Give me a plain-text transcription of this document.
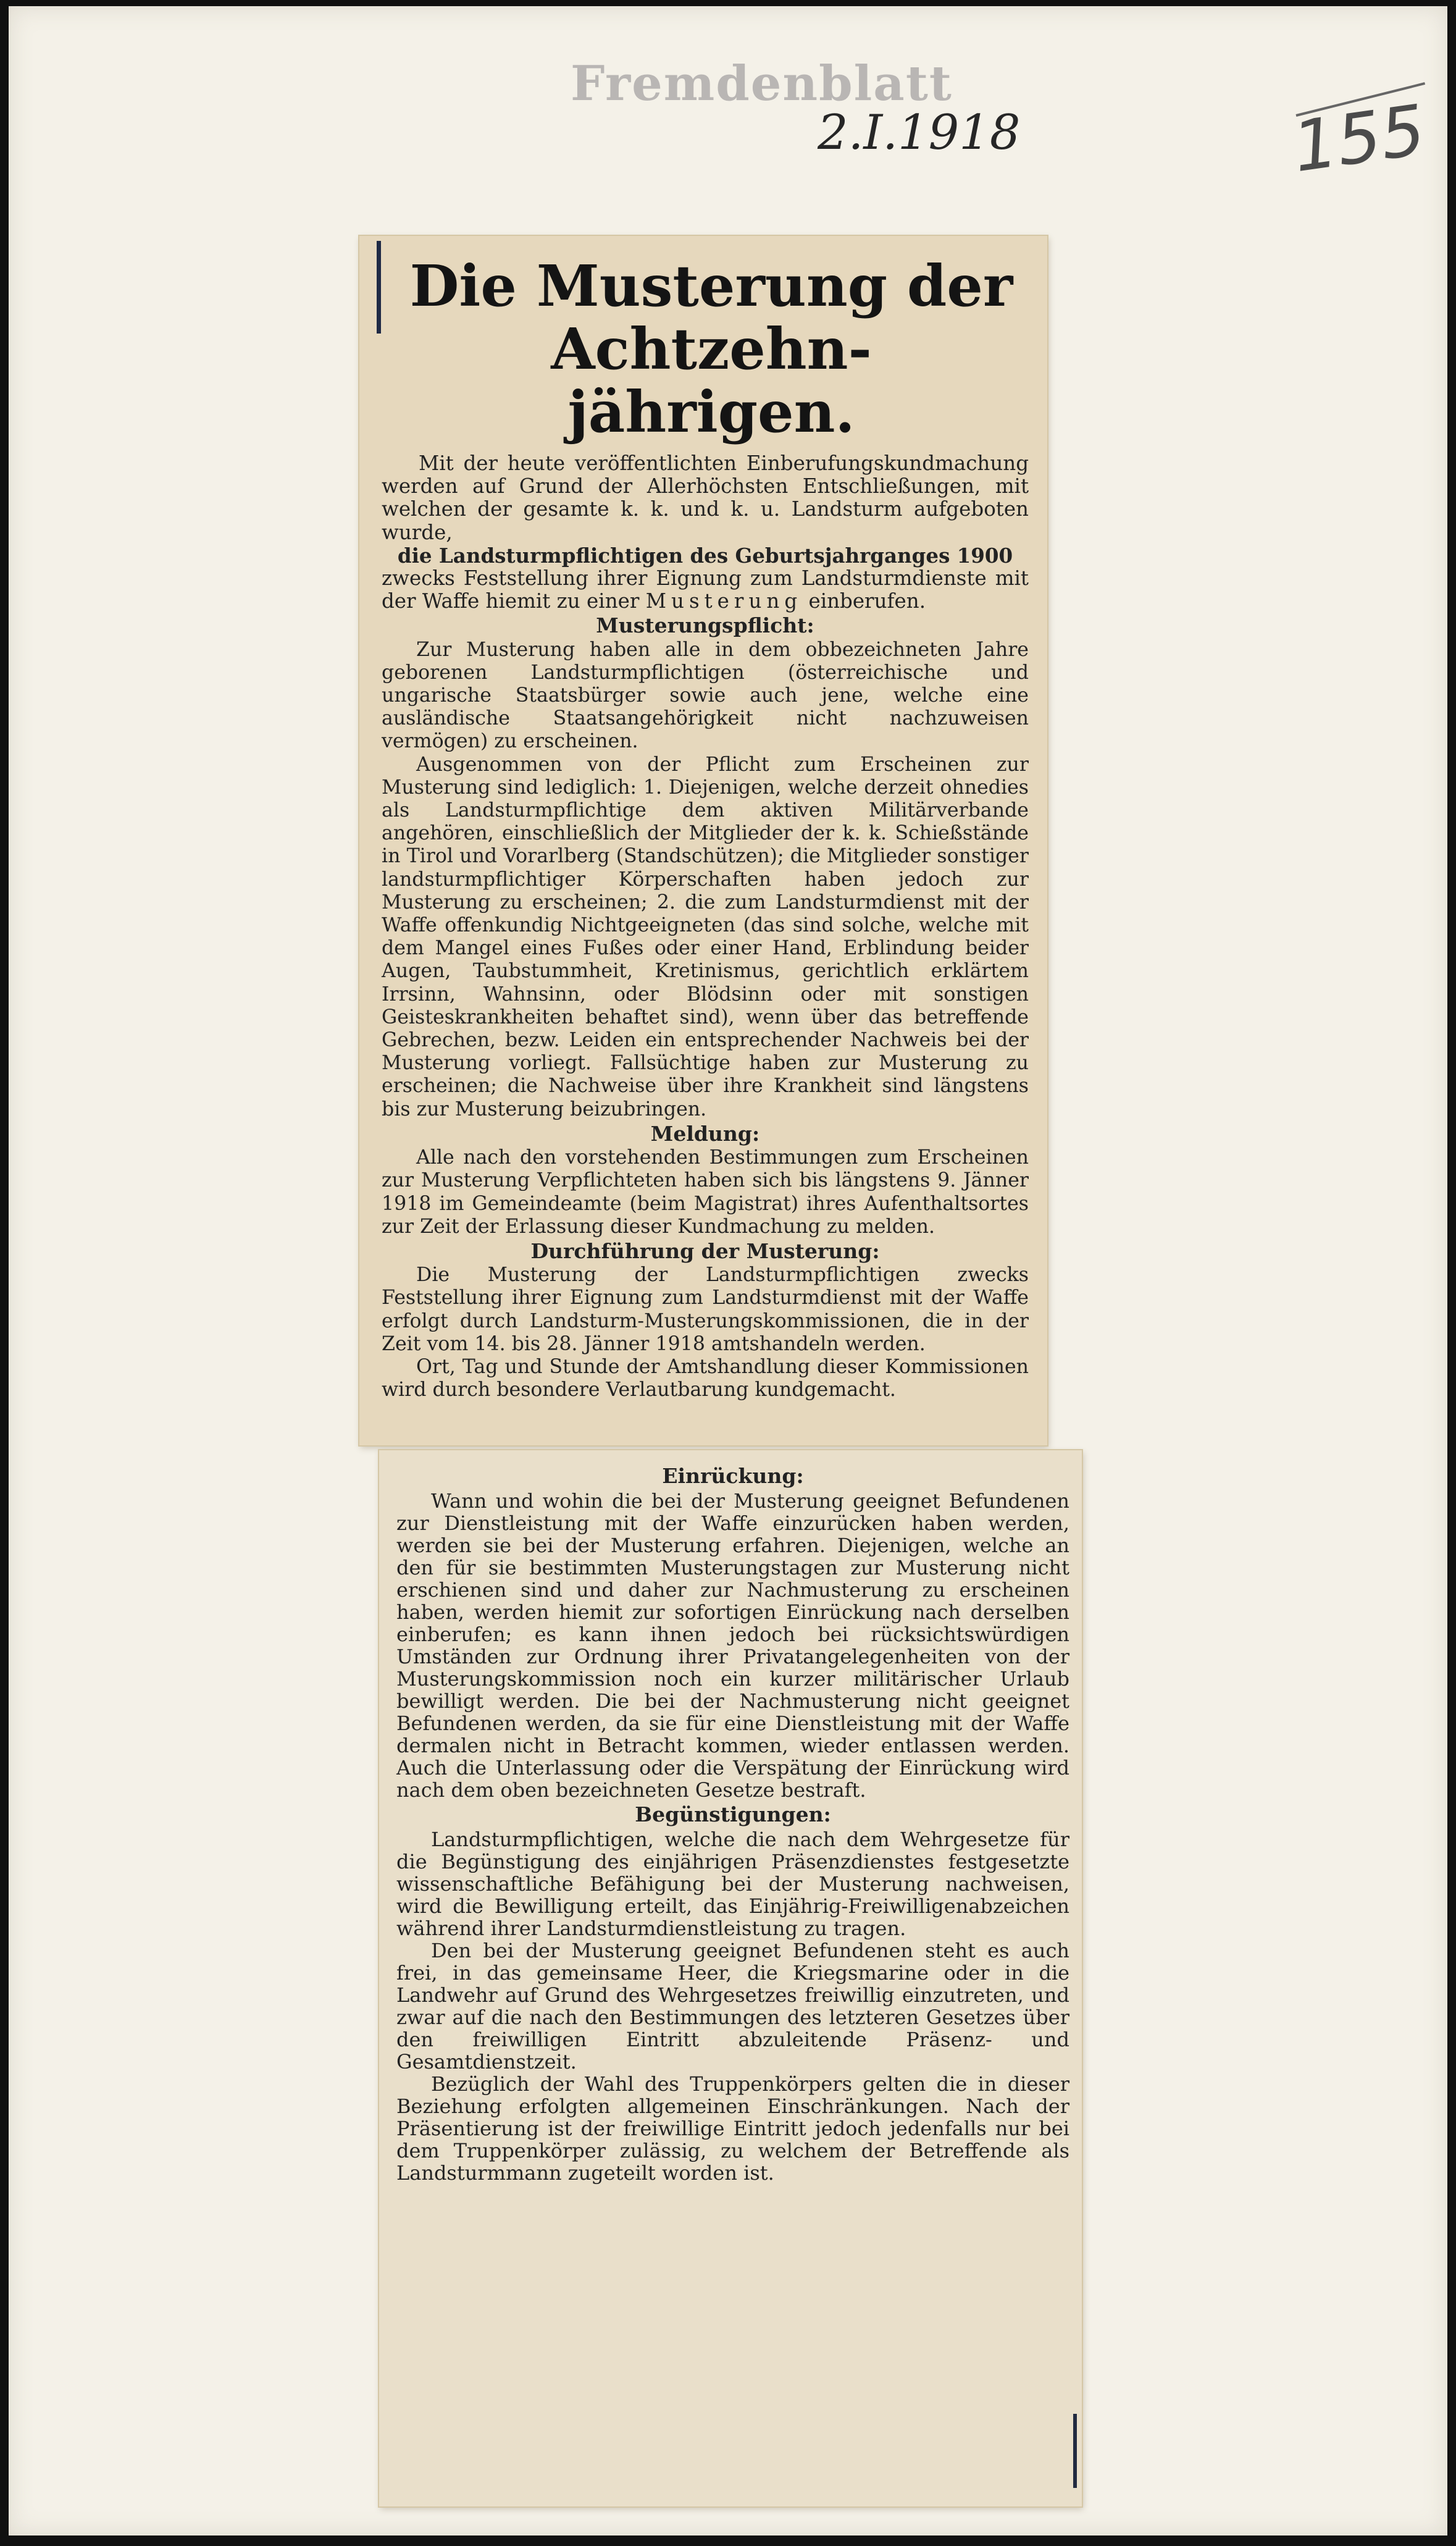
Fremdenblatt
2.I.1918	155
Die Musterung der Achtzehn-
jährigen.
Mit der heute veröffentlichten Einberufungskundmachung werden auf Grund der Allerhöchsten Entschließungen, mit welchen der gesamte k. k. und k. u. Landsturm aufgeboten wurde,
die Landsturmpflichtigen des Geburtsjahrganges 1900
zwecks Feststellung ihrer Eignung zum Landsturmdienste mit der Waffe hiemit zu einer Musterung einberufen.
Musterungspflicht:

Zur Musterung haben alle in dem obbezeichneten Jahre geborenen Landsturmpflichtigen (österreichische und ungarische Staatsbürger sowie auch jene, welche eine ausländische Staatsangehörigkeit nicht nachzuweisen vermögen) zu erscheinen.

Ausgenommen von der Pflicht zum Erscheinen zur Musterung sind lediglich: 1. Diejenigen, welche derzeit ohnedies als Landsturmpflichtige dem aktiven Militärverbande angehören, einschließlich der Mitglieder der k. k. Schießstände in Tirol und Vorarlberg (Standschützen); die Mitglieder sonstiger landsturmpflichtiger Körperschaften haben jedoch zur Musterung zu erscheinen; 2. die zum Landsturmdienst mit der Waffe offenkundig Nichtgeeigneten (das sind solche, welche mit dem Mangel eines Fußes oder einer Hand, Erblindung beider Augen, Taubstummheit, Kretinismus, gerichtlich erklärtem Irrsinn, Wahnsinn, oder Blödsinn oder mit sonstigen Geisteskrankheiten behaftet sind), wenn über das betreffende Gebrechen, bezw. Leiden ein entsprechender Nachweis bei der Musterung vorliegt. Fallsüchtige haben zur Musterung zu erscheinen; die Nachweise über ihre Krankheit sind längstens bis zur Musterung beizubringen.

Meldung:

Alle nach den vorstehenden Bestimmungen zum Erscheinen zur Musterung Verpflichteten haben sich bis längstens 9. Jänner 1918 im Gemeindeamte (beim Magistrat) ihres Aufenthaltsortes zur Zeit der Erlassung dieser Kundmachung zu melden.

Durchführung der Musterung:

Die Musterung der Landsturmpflichtigen zwecks Feststellung ihrer Eignung zum Landsturmdienst mit der Waffe erfolgt durch Landsturm-Musterungskommissionen, die in der Zeit vom 14. bis 28. Jänner 1918 amtshandeln werden.

Ort, Tag und Stunde der Amtshandlung dieser Kommissionen wird durch besondere Verlautbarung kundgemacht.

Einrückung:

Wann und wohin die bei der Musterung geeignet Befundenen zur Dienstleistung mit der Waffe einzurücken haben werden, werden sie bei der Musterung erfahren. Diejenigen, welche an den für sie bestimmten Musterungstagen zur Musterung nicht erschienen sind und daher zur Nachmusterung zu erscheinen haben, werden hiemit zur sofortigen Einrückung nach derselben einberufen; es kann ihnen jedoch bei rücksichtswürdigen Umständen zur Ordnung ihrer Privatangelegenheiten von der Musterungskommission noch ein kurzer militärischer Urlaub bewilligt werden. Die bei der Nachmusterung nicht geeignet Befundenen werden, da sie für eine Dienstleistung mit der Waffe dermalen nicht in Betracht kommen, wieder entlassen werden. Auch die Unterlassung oder die Verspätung der Einrückung wird nach dem oben bezeichneten Gesetze bestraft.

Begünstigungen:

Landsturmpflichtigen, welche die nach dem Wehrgesetze für die Begünstigung des einjährigen Präsenzdienstes festgesetzte wissenschaftliche Befähigung bei der Musterung nachweisen, wird die Bewilligung erteilt, das Einjährig-Freiwilligenabzeichen während ihrer Landsturmdienstleistung zu tragen.

Den bei der Musterung geeignet Befundenen steht es auch frei, in das gemeinsame Heer, die Kriegsmarine oder in die Landwehr auf Grund des Wehrgesetzes freiwillig einzutreten, und zwar auf die nach den Bestimmungen des letzteren Gesetzes über den freiwilligen Eintritt abzuleitende Präsenz- und Gesamtdienstzeit.

Bezüglich der Wahl des Truppenkörpers gelten die in dieser Beziehung erfolgten allgemeinen Einschränkungen. Nach der Präsentierung ist der freiwillige Eintritt jedoch jedenfalls nur bei dem Truppenkörper zulässig, zu welchem der Betreffende als Landsturmmann zugeteilt worden ist.
